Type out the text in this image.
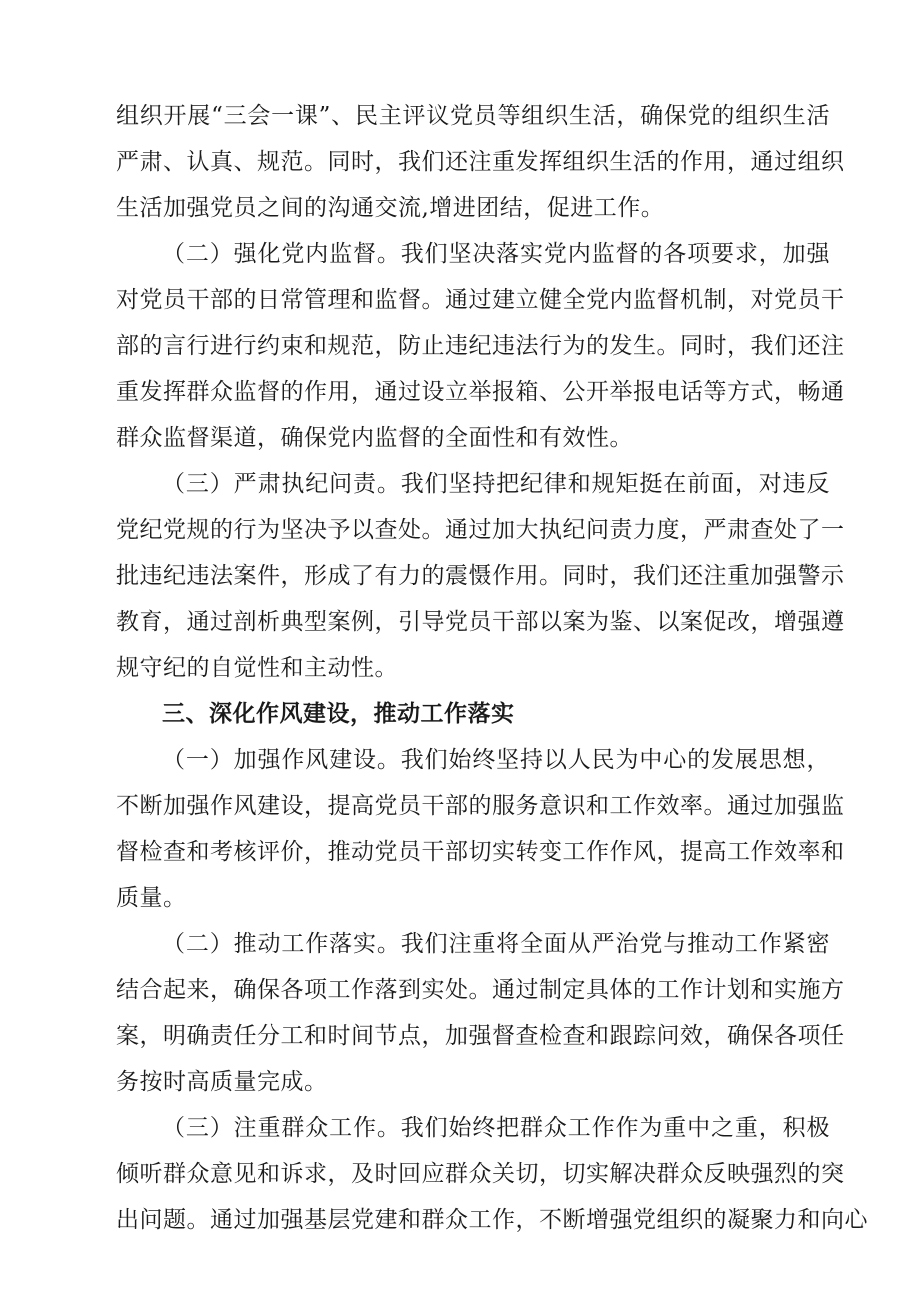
组织开展“三会一课”、民主评议党员等组织生活，确保党的组织生活
严肃、认真、规范。同时，我们还注重发挥组织生活的作用，通过组织
生活加强党员之间的沟通交流,增进团结，促进工作。
（二）强化党内监督。我们坚决落实党内监督的各项要求，加强
对党员干部的日常管理和监督。通过建立健全党内监督机制，对党员干
部的言行进行约束和规范，防止违纪违法行为的发生。同时，我们还注
重发挥群众监督的作用，通过设立举报箱、公开举报电话等方式，畅通
群众监督渠道，确保党内监督的全面性和有效性。
（三）严肃执纪问责。我们坚持把纪律和规矩挺在前面，对违反
党纪党规的行为坚决予以查处。通过加大执纪问责力度，严肃查处了一
批违纪违法案件，形成了有力的震慑作用。同时，我们还注重加强警示
教育，通过剖析典型案例，引导党员干部以案为鉴、以案促改，增强遵
规守纪的自觉性和主动性。
三、深化作风建设，推动工作落实
（一）加强作风建设。我们始终坚持以人民为中心的发展思想，
不断加强作风建设，提高党员干部的服务意识和工作效率。通过加强监
督检查和考核评价，推动党员干部切实转变工作作风，提高工作效率和
质量。
（二）推动工作落实。我们注重将全面从严治党与推动工作紧密
结合起来，确保各项工作落到实处。通过制定具体的工作计划和实施方
案，明确责任分工和时间节点，加强督查检查和跟踪问效，确保各项任
务按时高质量完成。
（三）注重群众工作。我们始终把群众工作作为重中之重，积极
倾听群众意见和诉求，及时回应群众关切，切实解决群众反映强烈的突
出问题。通过加强基层党建和群众工作，不断增强党组织的凝聚力和向心
